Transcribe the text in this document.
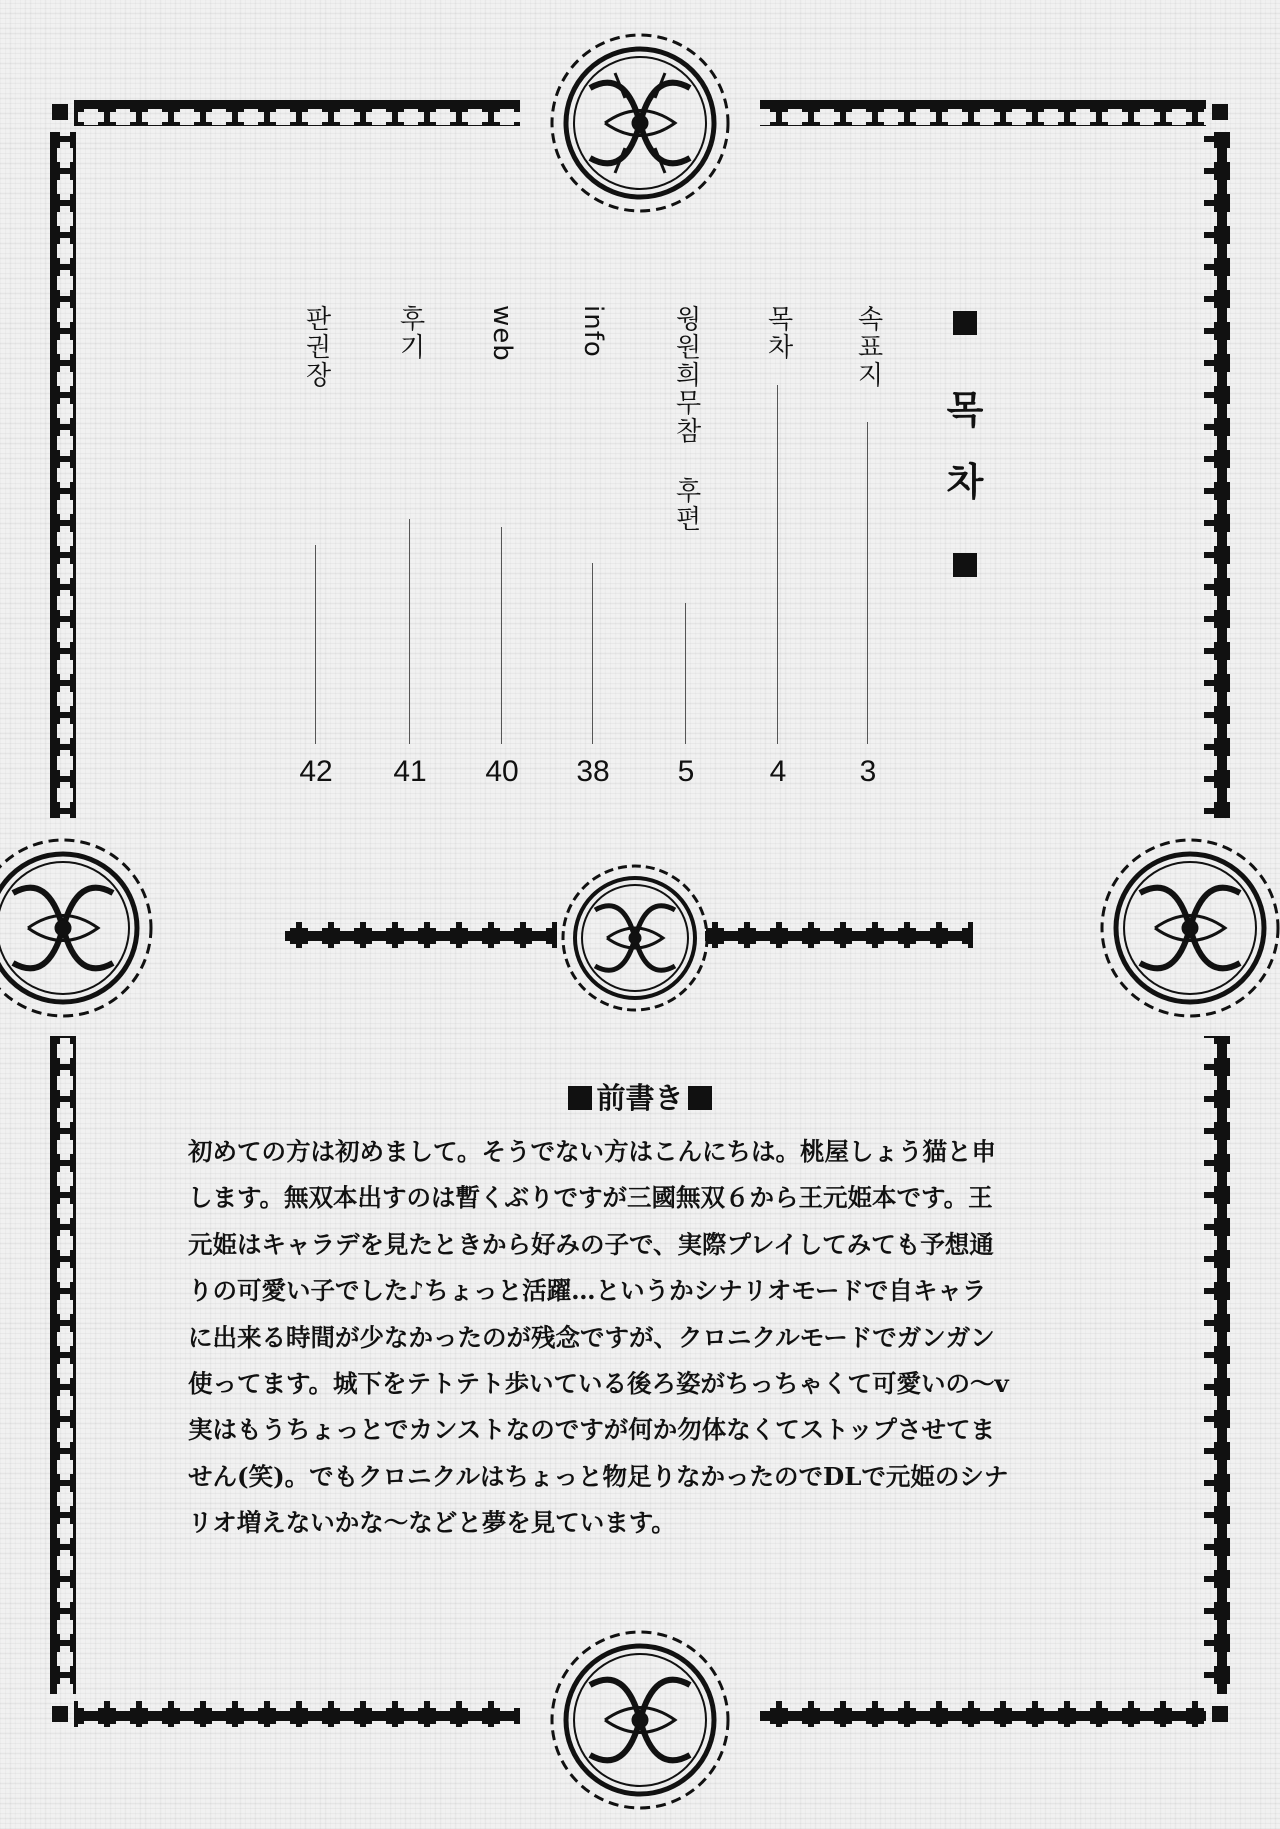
목
차
속표지
3
목차
4
웡원희무참 후편
5
info
38
web
40
후기
41
판권장
42
前書き
初めての方は初めまして。そうでない方はこんにちは。桃屋しょう猫と申
します。無双本出すのは暫くぶりですが三國無双６から王元姫本です。王
元姫はキャラデを見たときから好みの子で、実際プレイしてみても予想通
りの可愛い子でした♪ちょっと活躍…というかシナリオモードで自キャラ
に出来る時間が少なかったのが残念ですが、クロニクルモードでガンガン
使ってます。城下をテトテト歩いている後ろ姿がちっちゃくて可愛いの～v
実はもうちょっとでカンストなのですが何か勿体なくてストップさせてま
せん(笑)。でもクロニクルはちょっと物足りなかったのでDLで元姫のシナ
リオ増えないかな～などと夢を見ています。
